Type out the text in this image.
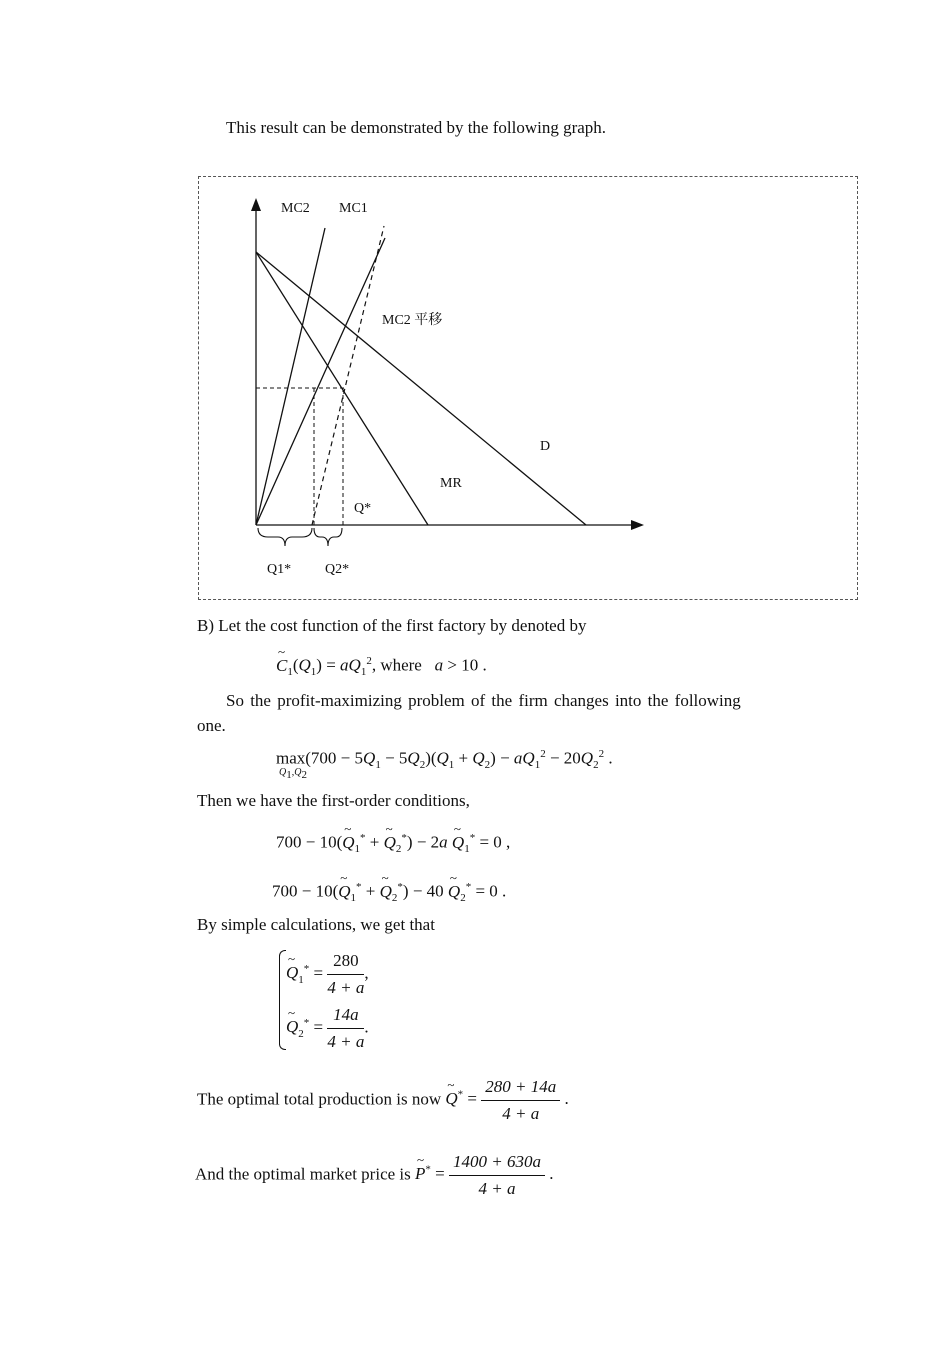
This result can be demonstrated by the following graph.
MC2 MC1
MC2 平移
D
MR
Q*
Q1* Q2*
B) Let the cost function of the first factory by denoted by
~ $C_1(Q_1) = aQ_1^2$, where a > 10 .
So the profit-maximizing problem of the firm changes into the following
one.
$\max(700 - 5Q_1 - 5Q_2)(Q_1 + Q_2) - aQ_1^2 - 20Q_2^2$ .
$Q_1,Q_2$
Then we have the first-order conditions,
700 − 10(~ $Q_1^*$ + ~ $Q_2^*) - 2a$ ~ $Q_1^* = 0$ ,
700 − 10(~ $Q_1^*$ + ~ $Q_2^*) - 40$ ~ $Q_2^* = 0$ .
By simple calculations, we get that
~ $Q_1^* = \frac{280}{4 + a}$ ,
~ $Q_2^* = \frac{14a}{4 + a}$ .
The optimal total production is now ~ $Q^* = \frac{280 + 14a}{4 + a}$ .
And the optimal market price is ~ $P^* = \frac{1400 + 630a}{4 + a}$ .
